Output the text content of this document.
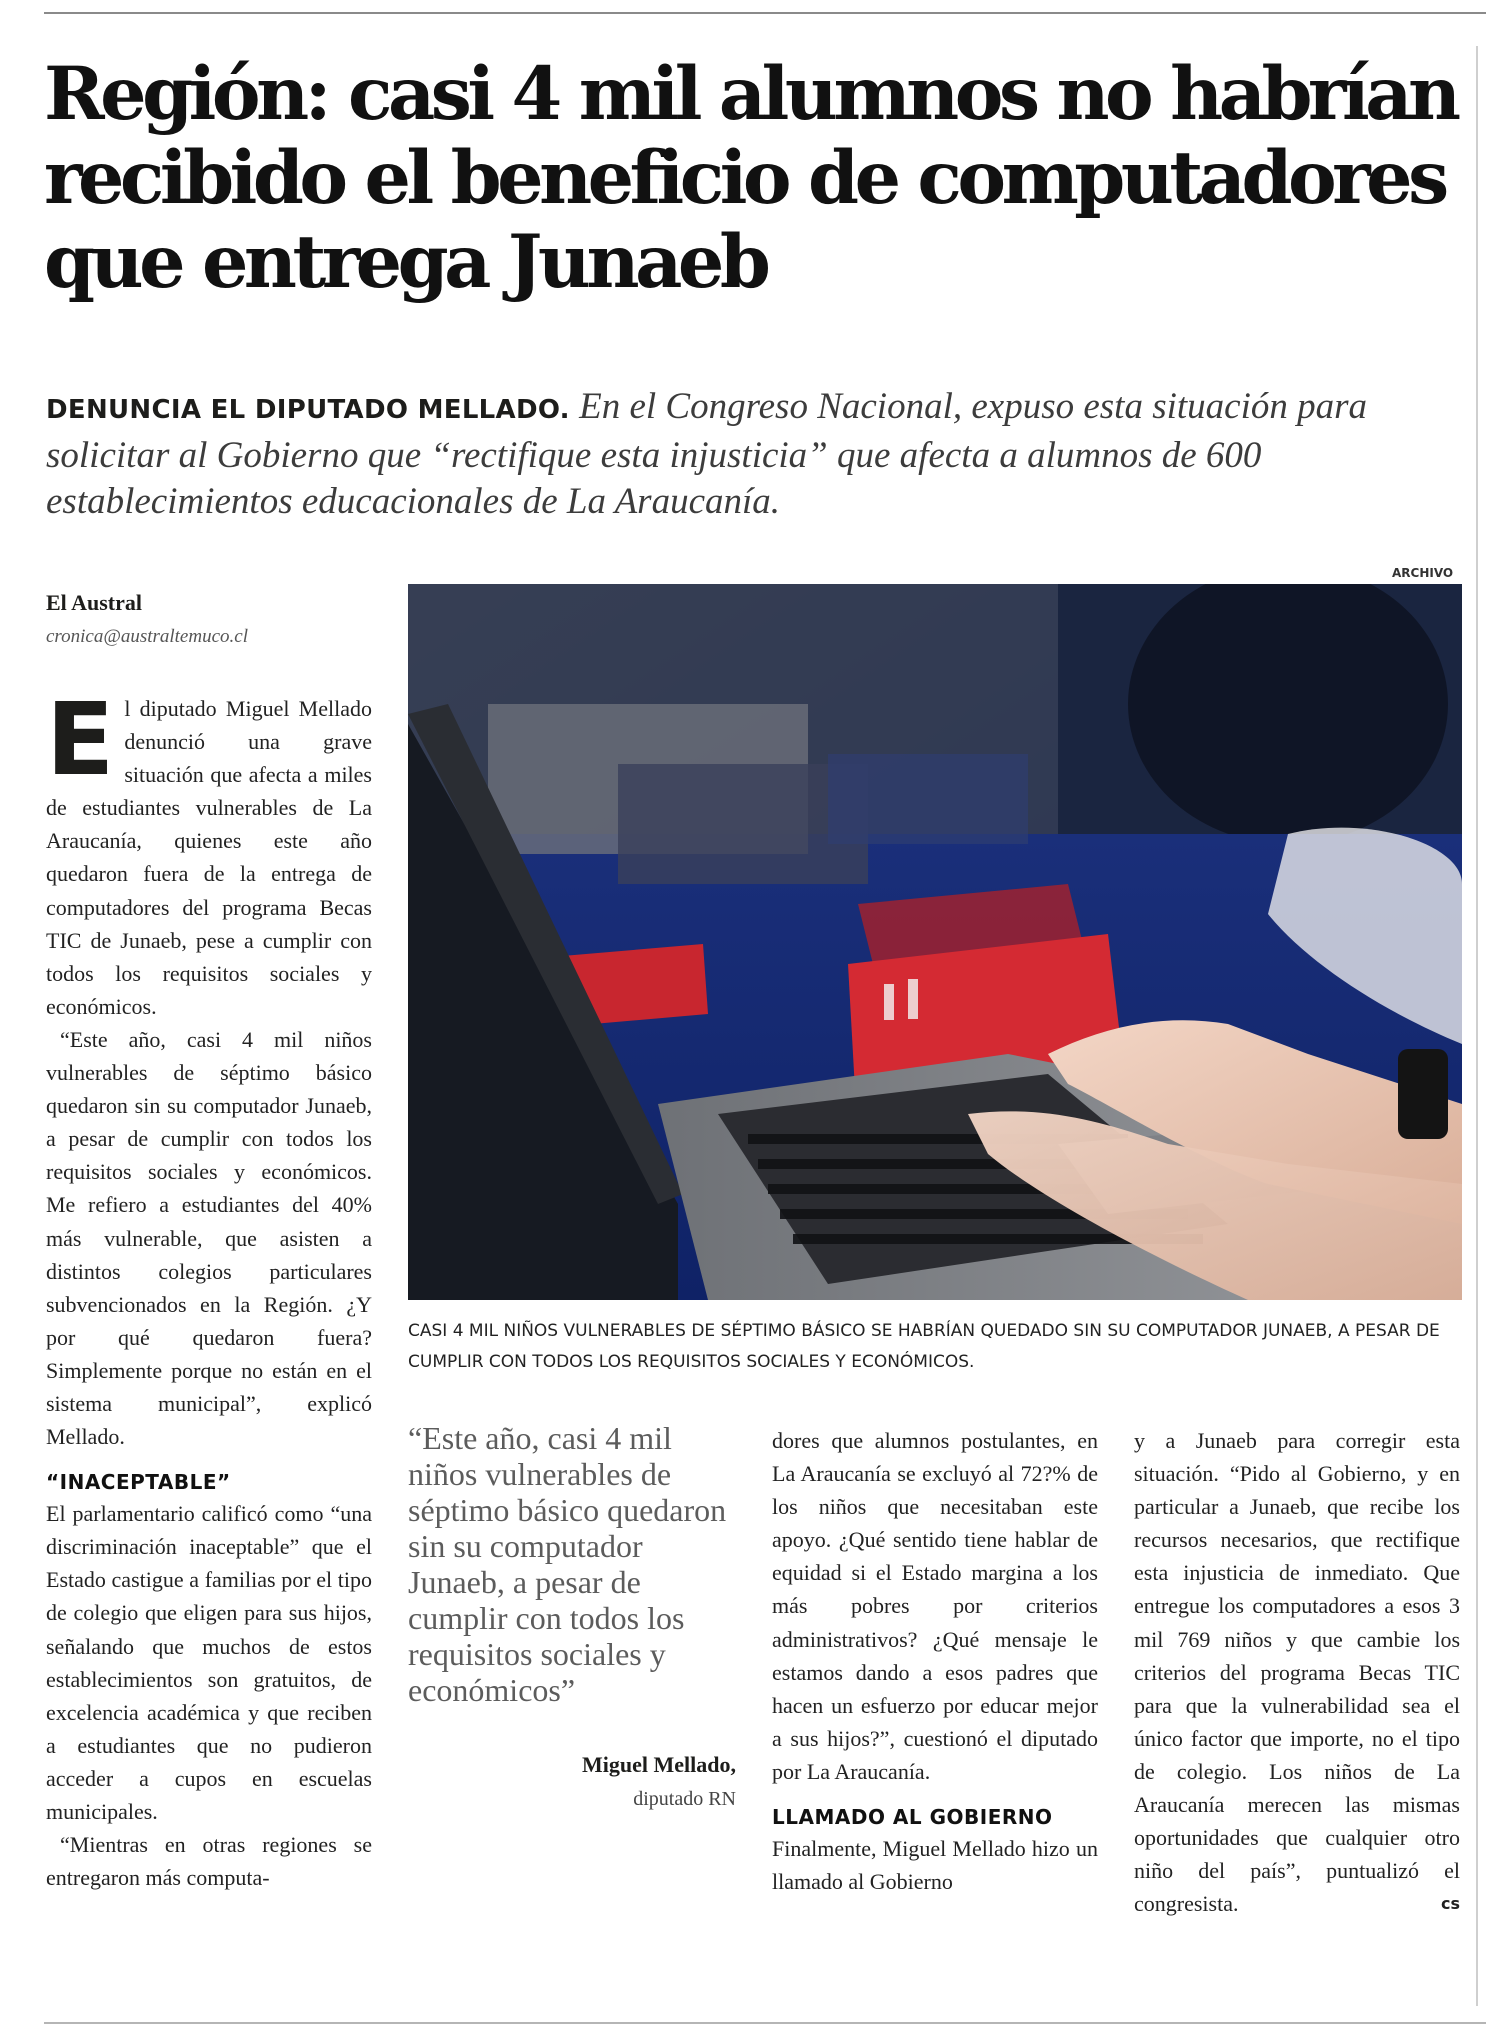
Región: casi 4 mil alumnos no habrían recibido el beneficio de computadores que entrega Junaeb

DENUNCIA EL DIPUTADO MELLADO. En el Congreso Nacional, expuso esta situación para solicitar al Gobierno que “rectifique esta injusticia” que afecta a alumnos de 600 establecimientos educacionales de La Araucanía.

ARCHIVO
El Austral
cronica@australtemuco.cl

El diputado Miguel Mellado denunció una grave situación que afecta a miles de estudiantes vulnerables de La Araucanía, quienes este año quedaron fuera de la entrega de computadores del programa Becas TIC de Junaeb, pese a cumplir con todos los requisitos sociales y económicos.

“Este año, casi 4 mil niños vulnerables de séptimo básico quedaron sin su computador Junaeb, a pesar de cumplir con todos los requisitos sociales y económicos. Me refiero a estudiantes del 40% más vulnerable, que asisten a distintos colegios particulares subvencionados en la Región. ¿Y por qué quedaron fuera? Simplemente porque no están en el sistema municipal”, explicó Mellado.

“INACEPTABLE”

El parlamentario calificó como “una discriminación inaceptable” que el Estado castigue a familias por el tipo de colegio que eligen para sus hijos, señalando que muchos de estos establecimientos son gratuitos, de excelencia académica y que reciben a estudiantes que no pudieron acceder a cupos en escuelas municipales.

“Mientras en otras regiones se entregaron más computa-

CASI 4 MIL NIÑOS VULNERABLES DE SÉPTIMO BÁSICO SE HABRÍAN QUEDADO SIN SU COMPUTADOR JUNAEB, A PESAR DE CUMPLIR CON TODOS LOS REQUISITOS SOCIALES Y ECONÓMICOS.

“Este año, casi 4 mil niños vulnerables de séptimo básico quedaron sin su computador Junaeb, a pesar de cumplir con todos los requisitos sociales y económicos”

Miguel Mellado,
diputado RN

dores que alumnos postulantes, en La Araucanía se excluyó al 72?% de los niños que necesitaban este apoyo. ¿Qué sentido tiene hablar de equidad si el Estado margina a los más pobres por criterios administrativos? ¿Qué mensaje le estamos dando a esos padres que hacen un esfuerzo por educar mejor a sus hijos?”, cuestionó el diputado por La Araucanía.

LLAMADO AL GOBIERNO

Finalmente, Miguel Mellado hizo un llamado al Gobierno

y a Junaeb para corregir esta situación. “Pido al Gobierno, y en particular a Junaeb, que recibe los recursos necesarios, que rectifique esta injusticia de inmediato. Que entregue los computadores a esos 3 mil 769 niños y que cambie los criterios del programa Becas TIC para que la vulnerabilidad sea el único factor que importe, no el tipo de colegio. Los niños de La Araucanía merecen las mismas oportunidades que cualquier otro niño del país”, puntualizó el congresista.	cs
